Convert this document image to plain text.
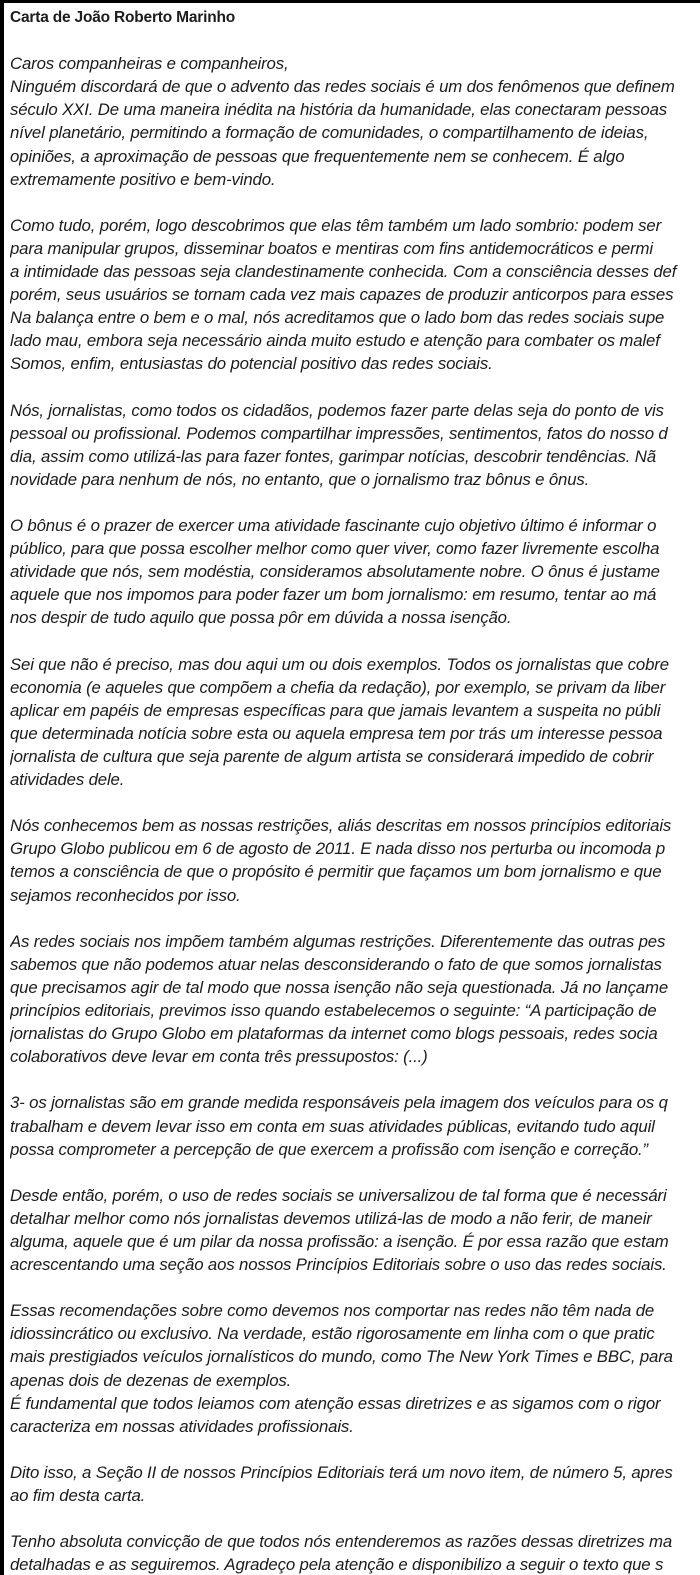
Carta de João Roberto Marinho
Caros companheiras e companheiros,
Ninguém discordará de que o advento das redes sociais é um dos fenômenos que definem
século XXI. De uma maneira inédita na história da humanidade, elas conectaram pessoas
nível planetário, permitindo a formação de comunidades, o compartilhamento de ideias,
opiniões, a aproximação de pessoas que frequentemente nem se conhecem. É algo
extremamente positivo e bem-vindo.
Como tudo, porém, logo descobrimos que elas têm também um lado sombrio: podem ser
para manipular grupos, disseminar boatos e mentiras com fins antidemocráticos e permi
a intimidade das pessoas seja clandestinamente conhecida. Com a consciência desses def
porém, seus usuários se tornam cada vez mais capazes de produzir anticorpos para esses
Na balança entre o bem e o mal, nós acreditamos que o lado bom das redes sociais supe
lado mau, embora seja necessário ainda muito estudo e atenção para combater os malef
Somos, enfim, entusiastas do potencial positivo das redes sociais.
Nós, jornalistas, como todos os cidadãos, podemos fazer parte delas seja do ponto de vis
pessoal ou profissional. Podemos compartilhar impressões, sentimentos, fatos do nosso d
dia, assim como utilizá-las para fazer fontes, garimpar notícias, descobrir tendências. Nã
novidade para nenhum de nós, no entanto, que o jornalismo traz bônus e ônus.
O bônus é o prazer de exercer uma atividade fascinante cujo objetivo último é informar o
público, para que possa escolher melhor como quer viver, como fazer livremente escolha
atividade que nós, sem modéstia, consideramos absolutamente nobre. O ônus é justame
aquele que nos impomos para poder fazer um bom jornalismo: em resumo, tentar ao má
nos despir de tudo aquilo que possa pôr em dúvida a nossa isenção.
Sei que não é preciso, mas dou aqui um ou dois exemplos. Todos os jornalistas que cobre
economia (e aqueles que compõem a chefia da redação), por exemplo, se privam da liber
aplicar em papéis de empresas específicas para que jamais levantem a suspeita no públi
que determinada notícia sobre esta ou aquela empresa tem por trás um interesse pessoa
jornalista de cultura que seja parente de algum artista se considerará impedido de cobrir
atividades dele.
Nós conhecemos bem as nossas restrições, aliás descritas em nossos princípios editoriais
Grupo Globo publicou em 6 de agosto de 2011. E nada disso nos perturba ou incomoda p
temos a consciência de que o propósito é permitir que façamos um bom jornalismo e que
sejamos reconhecidos por isso.
As redes sociais nos impõem também algumas restrições. Diferentemente das outras pes
sabemos que não podemos atuar nelas desconsiderando o fato de que somos jornalistas
que precisamos agir de tal modo que nossa isenção não seja questionada. Já no lançame
princípios editoriais, previmos isso quando estabelecemos o seguinte: “A participação de
jornalistas do Grupo Globo em plataformas da internet como blogs pessoais, redes socia
colaborativos deve levar em conta três pressupostos: (...)
3- os jornalistas são em grande medida responsáveis pela imagem dos veículos para os q
trabalham e devem levar isso em conta em suas atividades públicas, evitando tudo aquil
possa comprometer a percepção de que exercem a profissão com isenção e correção.”
Desde então, porém, o uso de redes sociais se universalizou de tal forma que é necessári
detalhar melhor como nós jornalistas devemos utilizá-las de modo a não ferir, de maneir
alguma, aquele que é um pilar da nossa profissão: a isenção. É por essa razão que estam
acrescentando uma seção aos nossos Princípios Editoriais sobre o uso das redes sociais.
Essas recomendações sobre como devemos nos comportar nas redes não têm nada de
idiossincrático ou exclusivo. Na verdade, estão rigorosamente em linha com o que pratic
mais prestigiados veículos jornalísticos do mundo, como The New York Times e BBC, para
apenas dois de dezenas de exemplos.
É fundamental que todos leiamos com atenção essas diretrizes e as sigamos com o rigor
caracteriza em nossas atividades profissionais.
Dito isso, a Seção II de nossos Princípios Editoriais terá um novo item, de número 5, apres
ao fim desta carta.
Tenho absoluta convicção de que todos nós entenderemos as razões dessas diretrizes ma
detalhadas e as seguiremos. Agradeço pela atenção e disponibilizo a seguir o texto que s
